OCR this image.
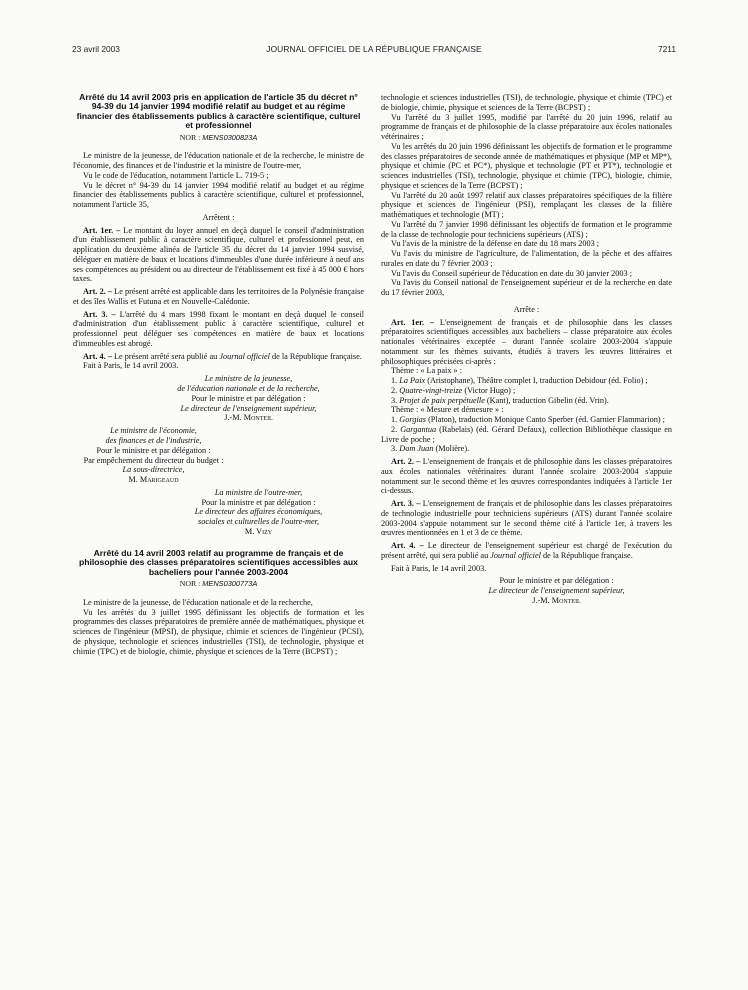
23 avril 2003	JOURNAL OFFICIEL DE LA RÉPUBLIQUE FRANÇAISE	7211
Arrêté du 14 avril 2003 pris en application de l'article 35 du décret n° 94-39 du 14 janvier 1994 modifié relatif au budget et au régime financier des établissements publics à caractère scientifique, culturel et professionnel
NOR : MENS0300823A

Le ministre de la jeunesse, de l'éducation nationale et de la recherche, le ministre de l'économie, des finances et de l'industrie et la ministre de l'outre-mer,

Vu le code de l'éducation, notamment l'article L. 719-5 ;

Vu le décret n° 94-39 du 14 janvier 1994 modifié relatif au budget et au régime financier des établissements publics à caractère scientifique, culturel et professionnel, notamment l'article 35,

Arrêtent :

Art. 1er. – Le montant du loyer annuel en deçà duquel le conseil d'administration d'un établissement public à caractère scientifique, culturel et professionnel peut, en application du deuxième alinéa de l'article 35 du décret du 14 janvier 1994 susvisé, déléguer en matière de baux et locations d'immeubles d'une durée inférieure à neuf ans ses compétences au président ou au directeur de l'établissement est fixé à 45 000 € hors taxes.

Art. 2. – Le présent arrêté est applicable dans les territoires de la Polynésie française et des îles Wallis et Futuna et en Nouvelle-Calédonie.

Art. 3. – L'arrêté du 4 mars 1998 fixant le montant en deçà duquel le conseil d'administration d'un établissement public à caractère scientifique, culturel et professionnel peut déléguer ses compétences en matière de baux et locations d'immeubles est abrogé.

Art. 4. – Le présent arrêté sera publié au Journal officiel de la République française.

Fait à Paris, le 14 avril 2003.

Le ministre de la jeunesse,
de l'éducation nationale et de la recherche,
Pour le ministre et par délégation :
Le directeur de l'enseignement supérieur,
J.-M. Monteil
Le ministre de l'économie,
des finances et de l'industrie,
Pour le ministre et par délégation :
Par empêchement du directeur du budget :
La sous-directrice,
M. Marigeaud
La ministre de l'outre-mer,
Pour la ministre et par délégation :
Le directeur des affaires économiques,
sociales et culturelles de l'outre-mer,
M. Vizy
Arrêté du 14 avril 2003 relatif au programme de français et de philosophie des classes préparatoires scientifiques accessibles aux bacheliers pour l'année 2003-2004
NOR : MENS0300773A

Le ministre de la jeunesse, de l'éducation nationale et de la recherche,

Vu les arrêtés du 3 juillet 1995 définissant les objectifs de formation et les programmes des classes préparatoires de première année de mathématiques, physique et sciences de l'ingénieur (MPSI), de physique, chimie et sciences de l'ingénieur (PCSI), de physique, technologie et sciences industrielles (TSI), de technologie, physique et chimie (TPC) et de biologie, chimie, physique et sciences de la Terre (BCPST) ;

technologie et sciences industrielles (TSI), de technologie, physique et chimie (TPC) et de biologie, chimie, physique et sciences de la Terre (BCPST) ;

Vu l'arrêté du 3 juillet 1995, modifié par l'arrêté du 20 juin 1996, relatif au programme de français et de philosophie de la classe préparatoire aux écoles nationales vétérinaires ;

Vu les arrêtés du 20 juin 1996 définissant les objectifs de formation et le programme des classes préparatoires de seconde année de mathématiques et physique (MP et MP*), physique et chimie (PC et PC*), physique et technologie (PT et PT*), technologie et sciences industrielles (TSI), technologie, physique et chimie (TPC), biologie, chimie, physique et sciences de la Terre (BCPST) ;

Vu l'arrêté du 20 août 1997 relatif aux classes préparatoires spécifiques de la filière physique et sciences de l'ingénieur (PSI), remplaçant les classes de la filière mathématiques et technologie (MT) ;

Vu l'arrêté du 7 janvier 1998 définissant les objectifs de formation et le programme de la classe de technologie pour techniciens supérieurs (ATS) ;

Vu l'avis de la ministre de la défense en date du 18 mars 2003 ;

Vu l'avis du ministre de l'agriculture, de l'alimentation, de la pêche et des affaires rurales en date du 7 février 2003 ;

Vu l'avis du Conseil supérieur de l'éducation en date du 30 janvier 2003 ;

Vu l'avis du Conseil national de l'enseignement supérieur et de la recherche en date du 17 février 2003,

Arrête :

Art. 1er. – L'enseignement de français et de philosophie dans les classes préparatoires scientifiques accessibles aux bacheliers – classe préparatoire aux écoles nationales vétérinaires exceptée – durant l'année scolaire 2003-2004 s'appuie notamment sur les thèmes suivants, étudiés à travers les œuvres littéraires et philosophiques précisées ci-après :

Thème : « La paix » :

1. La Paix (Aristophane), Théâtre complet I, traduction Debidour (éd. Folio) ;

2. Quatre-vingt-treize (Victor Hugo) ;

3. Projet de paix perpétuelle (Kant), traduction Gibelin (éd. Vrin).

Thème : « Mesure et démesure » :

1. Gorgias (Platon), traduction Monique Canto Sperber (éd. Garnier Flammarion) ;

2. Gargantua (Rabelais) (éd. Gérard Defaux), collection Bibliothèque classique en Livre de poche ;

3. Dom Juan (Molière).

Art. 2. – L'enseignement de français et de philosophie dans les classes préparatoires aux écoles nationales vétérinaires durant l'année scolaire 2003-2004 s'appuie notamment sur le second thème et les œuvres correspondantes indiquées à l'article 1er ci-dessus.

Art. 3. – L'enseignement de français et de philosophie dans les classes préparatoires de technologie industrielle pour techniciens supérieurs (ATS) durant l'année scolaire 2003-2004 s'appuie notamment sur le second thème cité à l'article 1er, à travers les œuvres mentionnées en 1 et 3 de ce thème.

Art. 4. – Le directeur de l'enseignement supérieur est chargé de l'exécution du présent arrêté, qui sera publié au Journal officiel de la République française.

Fait à Paris, le 14 avril 2003.

Pour le ministre et par délégation :
Le directeur de l'enseignement supérieur,
J.-M. Monteil
